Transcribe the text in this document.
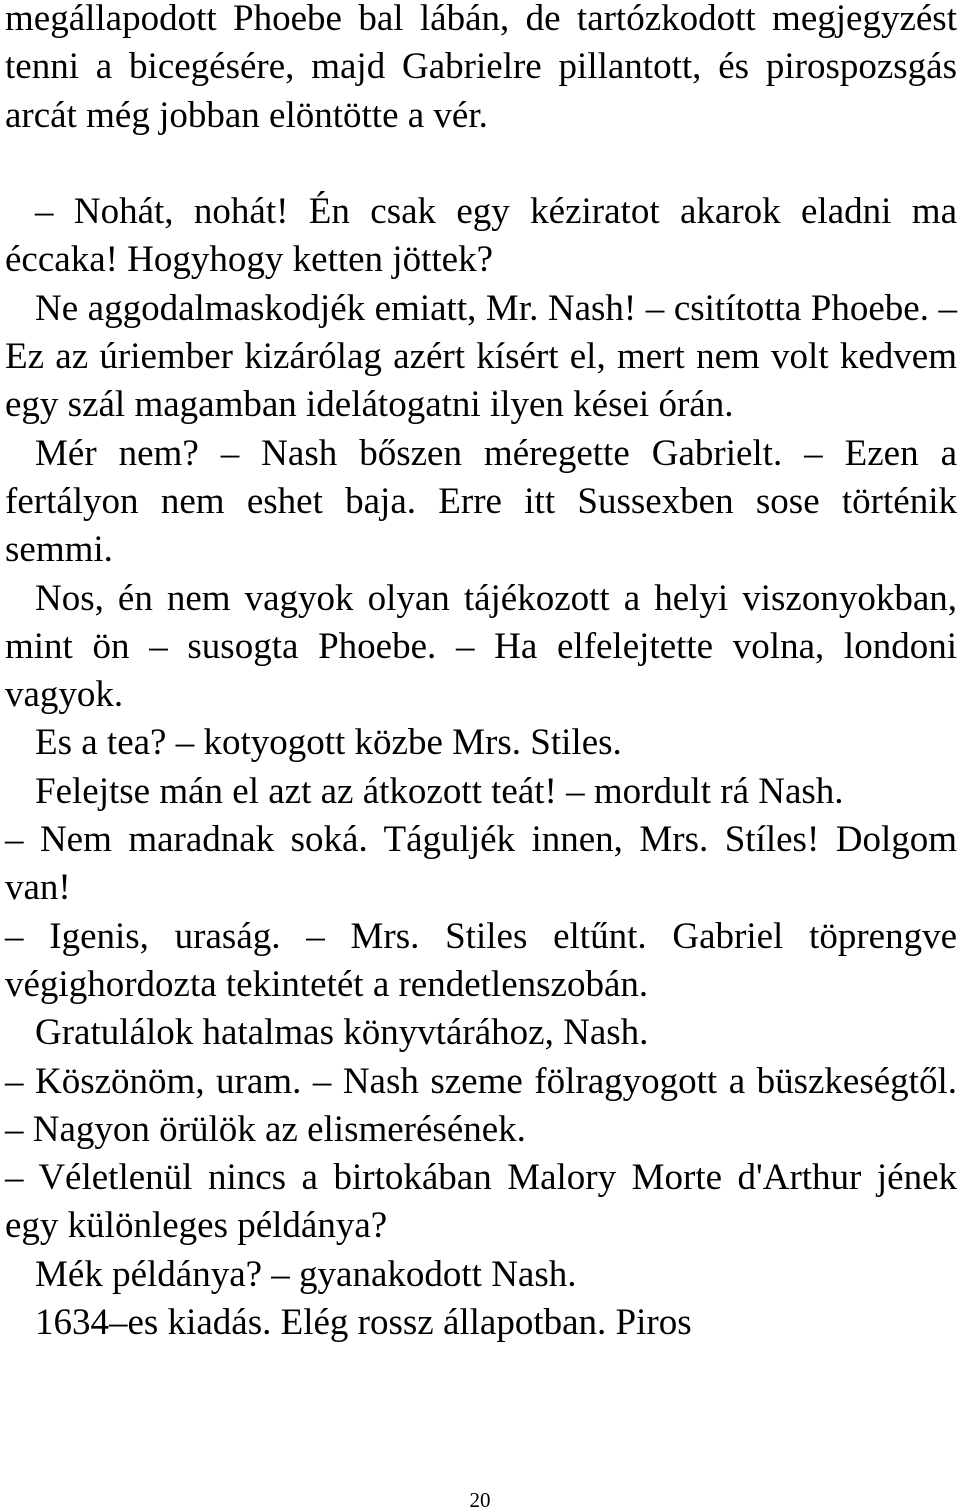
megállapodott Phoebe bal lábán, de tartózkodott megjegyzést tenni a bicegésére, majd Gabrielre pillantott, és pirospozsgás arcát még jobban elöntötte a vér.

– Nohát, nohát! Én csak egy kéziratot akarok eladni ma éccaka! Hogyhogy ketten jöttek?

Ne aggodalmaskodjék emiatt, Mr. Nash! – csitította Phoebe. – Ez az úriember kizárólag azért kísért el, mert nem volt kedvem egy szál magamban idelátogatni ilyen kései órán.

Mér nem? – Nash bőszen méregette Gabrielt. – Ezen a fertályon nem eshet baja. Erre itt Sussexben sose történik semmi.

Nos, én nem vagyok olyan tájékozott a helyi viszonyokban, mint ön – susogta Phoebe. – Ha elfelejtette volna, londoni vagyok.

Es a tea? – kotyogott közbe Mrs. Stiles.

Felejtse mán el azt az átkozott teát! – mordult rá Nash.

– Nem maradnak soká. Táguljék innen, Mrs. Stíles! Dolgom van!

– Igenis, uraság. – Mrs. Stiles eltűnt. Gabriel töprengve végighordozta tekintetét a rendetlenszobán.

Gratulálok hatalmas könyvtárához, Nash.

– Köszönöm, uram. – Nash szeme fölragyogott a büszkeségtől. – Nagyon örülök az elismerésének.

– Véletlenül nincs a birtokában Malory Morte d'Arthur jének egy különleges példánya?

Mék példánya? – gyanakodott Nash.

1634–es kiadás. Elég rossz állapotban. Piros

20
